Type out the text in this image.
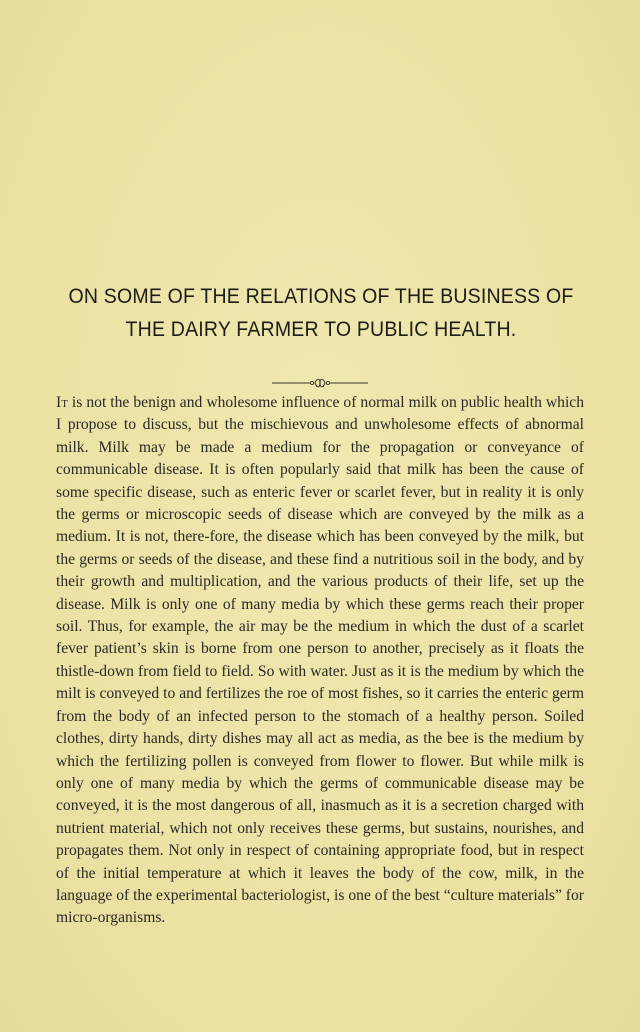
ON SOME OF THE RELATIONS OF THE BUSINESS OF
THE DAIRY FARMER TO PUBLIC HEALTH.

It is not the benign and wholesome influence of normal milk on public health which I propose to discuss, but the mischievous and unwholesome effects of abnormal milk. Milk may be made a medium for the propagation or conveyance of communicable disease. It is often popularly said that milk has been the cause of some specific disease, such as enteric fever or scarlet fever, but in reality it is only the germs or microscopic seeds of disease which are conveyed by the milk as a medium. It is not, there-fore, the disease which has been conveyed by the milk, but the germs or seeds of the disease, and these find a nutritious soil in the body, and by their growth and multiplication, and the various products of their life, set up the disease. Milk is only one of many media by which these germs reach their proper soil. Thus, for example, the air may be the medium in which the dust of a scarlet fever patient’s skin is borne from one person to another, precisely as it floats the thistle-down from field to field. So with water. Just as it is the medium by which the milt is conveyed to and fertilizes the roe of most fishes, so it carries the enteric germ from the body of an infected person to the stomach of a healthy person. Soiled clothes, dirty hands, dirty dishes may all act as media, as the bee is the medium by which the fertilizing pollen is conveyed from flower to flower. But while milk is only one of many media by which the germs of communicable disease may be conveyed, it is the most dangerous of all, inasmuch as it is a secretion charged with nutrient material, which not only receives these germs, but sustains, nourishes, and propagates them. Not only in respect of containing appropriate food, but in respect of the initial temperature at which it leaves the body of the cow, milk, in the language of the experimental bacteriologist, is one of the best “culture materials” for micro-organisms.
